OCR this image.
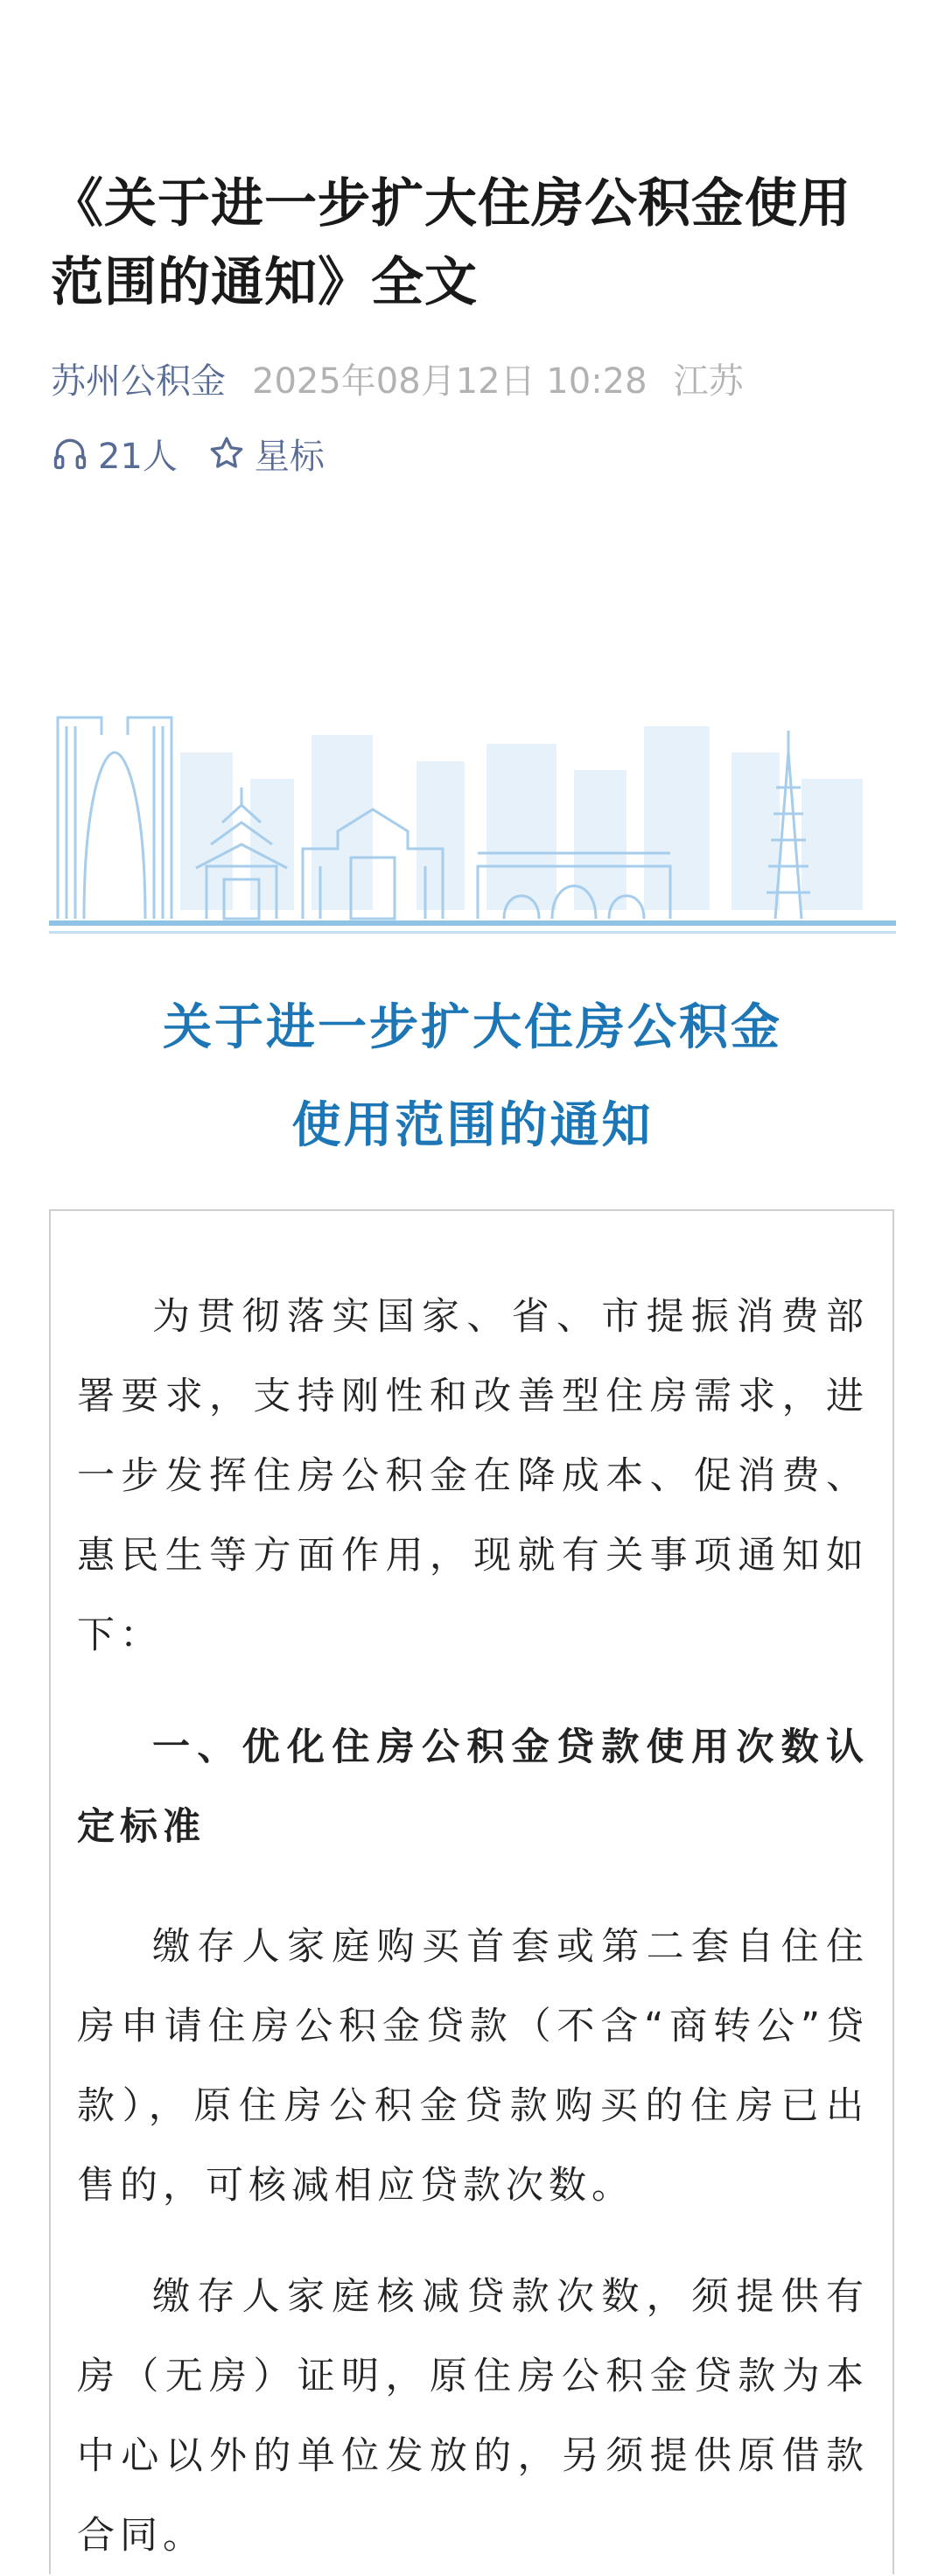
《关于进一步扩大住房公积金使用范围的通知》全文
苏州公积金 2025年08月12日 10:28 江苏
21人 星标
关于进一步扩大住房公积金
使用范围的通知

为贯彻落实国家、省、市提振消费部署要求，支持刚性和改善型住房需求，进一步发挥住房公积金在降成本、促消费、惠民生等方面作用，现就有关事项通知如下：

一、优化住房公积金贷款使用次数认定标准

缴存人家庭购买首套或第二套自住住房申请住房公积金贷款（不含“商转公”贷款），原住房公积金贷款购买的住房已出售的，可核减相应贷款次数。

缴存人家庭核减贷款次数，须提供有房（无房）证明，原住房公积金贷款为本中心以外的单位发放的，另须提供原借款合同。
